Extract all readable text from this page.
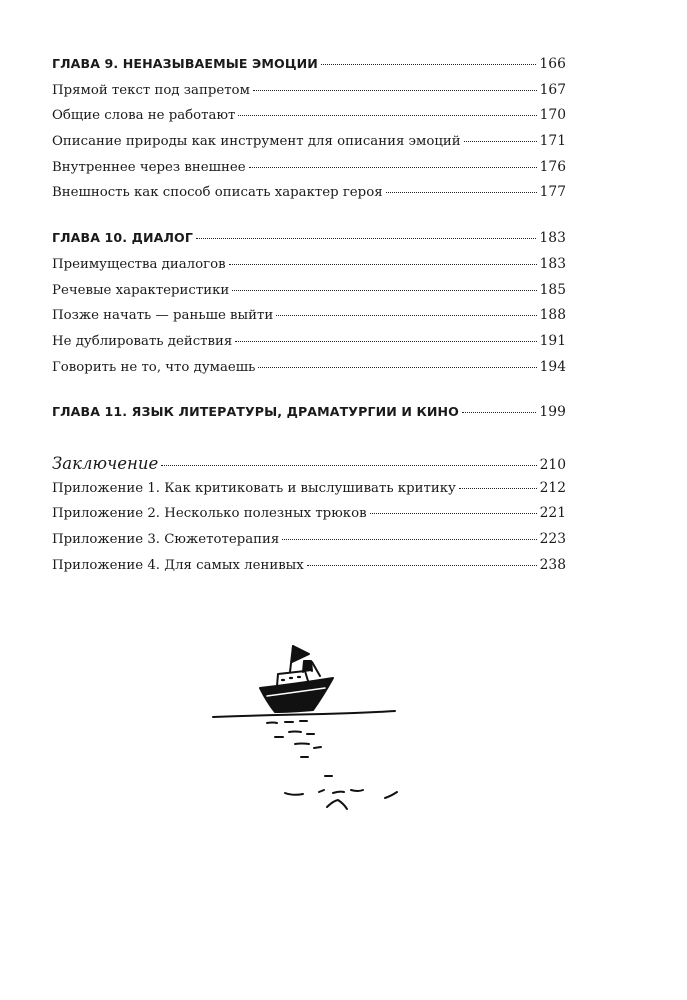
ГЛАВА 9. НЕНАЗЫВАЕМЫЕ ЭМОЦИИ	166
Прямой текст под запретом	167
Общие слова не работают	170
Описание природы как инструмент для описания эмоций	171
Внутреннее через внешнее	176
Внешность как способ описать характер героя	177
ГЛАВА 10. ДИАЛОГ	183
Преимущества диалогов	183
Речевые характеристики	185
Позже начать — раньше выйти	188
Не дублировать действия	191
Говорить не то, что думаешь	194
ГЛАВА 11. ЯЗЫК ЛИТЕРАТУРЫ, ДРАМАТУРГИИ И КИНО	199
Заключение	210
Приложение 1. Как критиковать и выслушивать критику	212
Приложение 2. Несколько полезных трюков	221
Приложение 3. Сюжетотерапия	223
Приложение 4. Для самых ленивых	238
